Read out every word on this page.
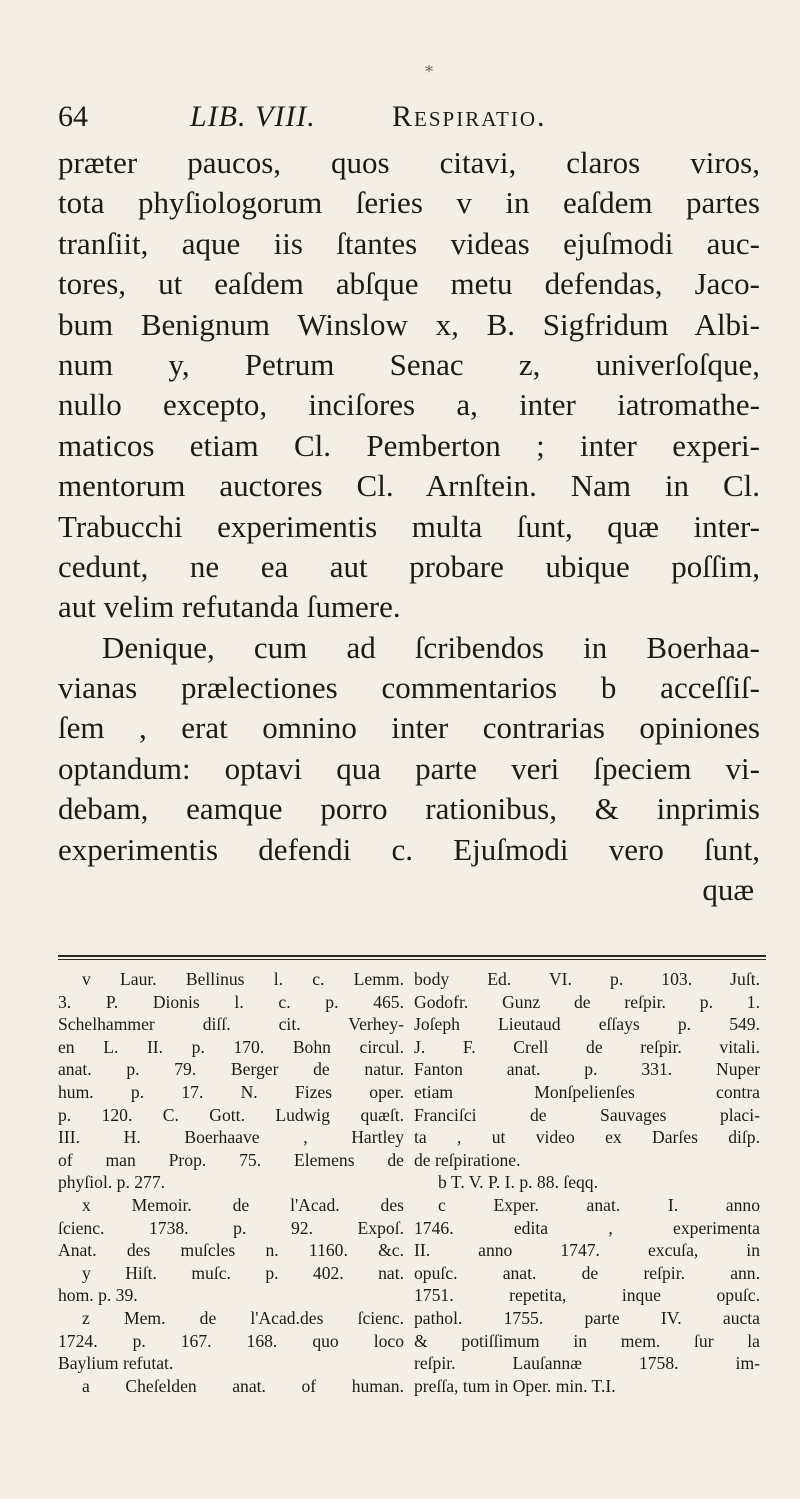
*
64	LIB. VIII.	Respiratio.
prӕter paucos, quos citavi, claros viros,
tota phyſiologorum ſeries v in eaſdem partes
tranſiit, aque iis ſtantes videas ejuſmodi auc-
tores, ut eaſdem abſque metu defendas, Jaco-
bum Benignum Winslow x, B. Sigfridum Albi-
num y, Petrum Senac z, univerſoſque,
nullo excepto, inciſores a, inter iatromathe-
maticos etiam Cl. Pemberton ; inter experi-
mentorum auctores Cl. Arnſtein. Nam in Cl.
Trabucchi experimentis multa ſunt, quӕ inter-
cedunt, ne ea aut probare ubique poſſim,
aut velim refutanda ſumere.
Denique, cum ad ſcribendos in Boerhaa-
vianas prӕlectiones commentarios b acceſſiſ-
ſem , erat omnino inter contrarias opiniones
optandum: optavi qua parte veri ſpeciem vi-
debam, eamque porro rationibus, & inprimis
experimentis defendi c. Ejuſmodi vero ſunt,
quӕ
v Laur. Bellinus l. c. Lemm.
3. P. Dionis l. c. p. 465.
Schelhammer diſſ. cit. Verhey-
en L. II. p. 170. Bohn circul.
anat. p. 79. Berger de natur.
hum. p. 17. N. Fizes oper.
p. 120. C. Gott. Ludwig quӕſt.
III. H. Boerhaave , Hartley
of man Prop. 75. Elemens de
phyſiol. p. 277.
x Memoir. de l'Acad. des
ſcienc. 1738. p. 92. Expoſ.
Anat. des muſcles n. 1160. &c.
y Hiſt. muſc. p. 402. nat.
hom. p. 39.
z Mem. de l'Acad.des ſcienc.
1724. p. 167. 168. quo loco
Baylium refutat.
a Cheſelden anat. of human.
body Ed. VI. p. 103. Juſt.
Godofr. Gunz de reſpir. p. 1.
Joſeph Lieutaud eſſays p. 549.
J. F. Crell de reſpir. vitali.
Fanton anat. p. 331. Nuper
etiam Monſpelienſes contra
Franciſci de Sauvages placi-
ta , ut video ex Darſes diſp.
de reſpiratione.
b T. V. P. I. p. 88. ſeqq.
c Exper. anat. I. anno
1746. edita , experimenta
II. anno 1747. excuſa, in
opuſc. anat. de reſpir. ann.
1751. repetita, inque opuſc.
pathol. 1755. parte IV. aucta
& potiſſimum in mem. ſur la
reſpir. Lauſannӕ 1758. im-
preſſa, tum in Oper. min. T.I.
